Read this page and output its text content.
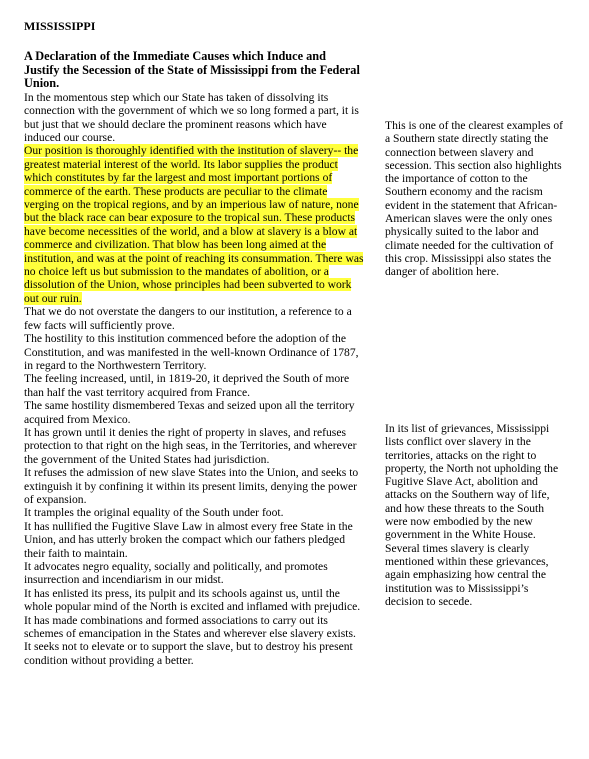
MISSISSIPPI
A Declaration of the Immediate Causes which Induce and Justify the Secession of the State of Mississippi from the Federal Union.

In the momentous step which our State has taken of dissolving its connection with the government of which we so long formed a part, it is but just that we should declare the prominent reasons which have induced our course.

Our position is thoroughly identified with the institution of slavery-- the greatest material interest of the world. Its labor supplies the product which constitutes by far the largest and most important portions of commerce of the earth. These products are peculiar to the climate verging on the tropical regions, and by an imperious law of nature, none but the black race can bear exposure to the tropical sun. These products have become necessities of the world, and a blow at slavery is a blow at commerce and civilization. That blow has been long aimed at the institution, and was at the point of reaching its consummation. There was no choice left us but submission to the mandates of abolition, or a dissolution of the Union, whose principles had been subverted to work out our ruin.

That we do not overstate the dangers to our institution, a reference to a few facts will sufficiently prove.

The hostility to this institution commenced before the adoption of the Constitution, and was manifested in the well-known Ordinance of 1787, in regard to the Northwestern Territory.

The feeling increased, until, in 1819-20, it deprived the South of more than half the vast territory acquired from France.

The same hostility dismembered Texas and seized upon all the territory acquired from Mexico.

It has grown until it denies the right of property in slaves, and refuses protection to that right on the high seas, in the Territories, and wherever the government of the United States had jurisdiction.

It refuses the admission of new slave States into the Union, and seeks to extinguish it by confining it within its present limits, denying the power of expansion.

It tramples the original equality of the South under foot.

It has nullified the Fugitive Slave Law in almost every free State in the Union, and has utterly broken the compact which our fathers pledged their faith to maintain.

It advocates negro equality, socially and politically, and promotes insurrection and incendiarism in our midst.

It has enlisted its press, its pulpit and its schools against us, until the whole popular mind of the North is excited and inflamed with prejudice.

It has made combinations and formed associations to carry out its schemes of emancipation in the States and wherever else slavery exists.

It seeks not to elevate or to support the slave, but to destroy his present condition without providing a better.

This is one of the clearest examples of a Southern state directly stating the connection between slavery and secession. This section also highlights the importance of cotton to the Southern economy and the racism evident in the statement that African-American slaves were the only ones physically suited to the labor and climate needed for the cultivation of this crop. Mississippi also states the danger of abolition here.
In its list of grievances, Mississippi lists conflict over slavery in the territories, attacks on the right to property, the North not upholding the Fugitive Slave Act, abolition and attacks on the Southern way of life, and how these threats to the South were now embodied by the new government in the White House. Several times slavery is clearly mentioned within these grievances, again emphasizing how central the institution was to Mississippi’s decision to secede.
